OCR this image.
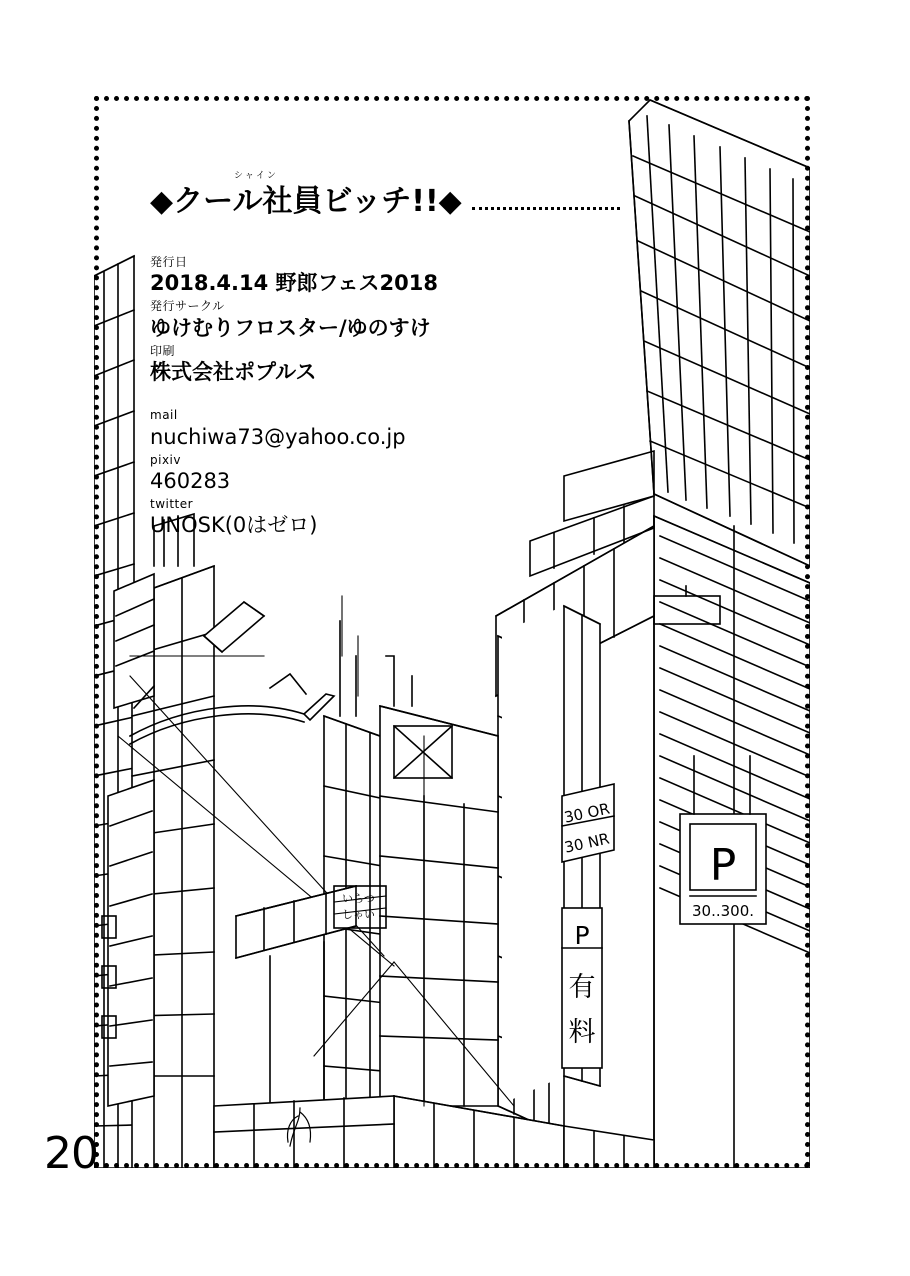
P
30..300.
P
有
料
30 OR
30 NR
いらつ
しゃい
◆クール社員ビッチ!!◆
シャイン
発行日
2018.4.14 野郎フェス2018
発行サークル
ゆけむりフロスター/ゆのすけ
印刷
株式会社ポプルス
mail
nuchiwa73@yahoo.co.jp
pixiv
460283
twitter
UNOSK(0はゼロ)
20
